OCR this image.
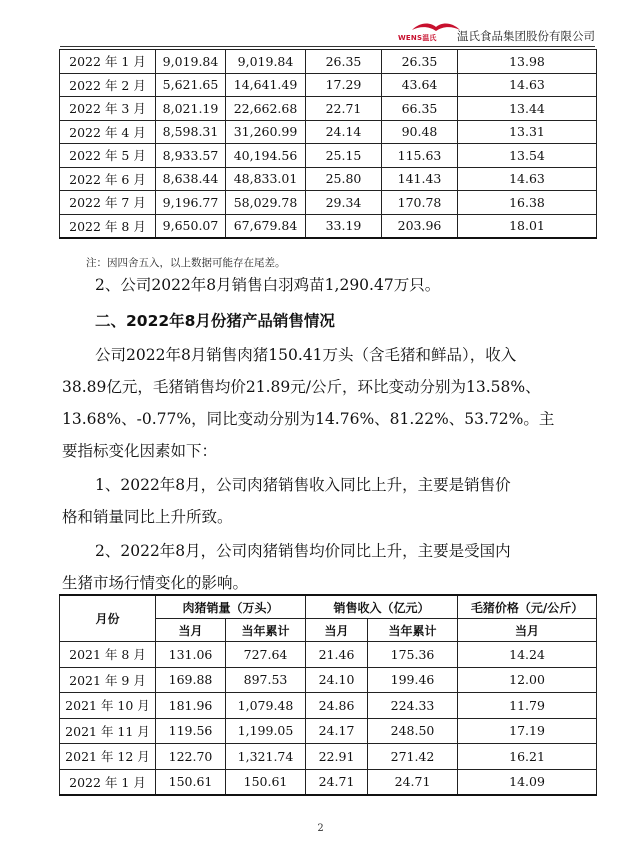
WENS温氏 温氏食品集团股份有限公司
2022 年 1 月	9,019.84	9,019.84	26.35	26.35	13.98
2022 年 2 月	5,621.65	14,641.49	17.29	43.64	14.63
2022 年 3 月	8,021.19	22,662.68	22.71	66.35	13.44
2022 年 4 月	8,598.31	31,260.99	24.14	90.48	13.31
2022 年 5 月	8,933.57	40,194.56	25.15	115.63	13.54
2022 年 6 月	8,638.44	48,833.01	25.80	141.43	14.63
2022 年 7 月	9,196.77	58,029.78	29.34	170.78	16.38
2022 年 8 月	9,650.07	67,679.84	33.19	203.96	18.01
注：因四舍五入，以上数据可能存在尾差。
2、公司2022年8月销售白羽鸡苗1,290.47万只。
二、2022年8月份猪产品销售情况
公司2022年8月销售肉猪150.41万头（含毛猪和鲜品），收入
38.89亿元，毛猪销售均价21.89元/公斤，环比变动分别为13.58%、
13.68%、-0.77%，同比变动分别为14.76%、81.22%、53.72%。主
要指标变化因素如下：
1、2022年8月，公司肉猪销售收入同比上升，主要是销售价
格和销量同比上升所致。
2、2022年8月，公司肉猪销售均价同比上升，主要是受国内
生猪市场行情变化的影响。
月份	肉猪销量（万头）		销售收入（亿元）		毛猪价格（元/公斤）
	当月	当年累计	当月	当年累计	当月
2021 年 8 月	131.06	727.64	21.46	175.36	14.24
2021 年 9 月	169.88	897.53	24.10	199.46	12.00
2021 年 10 月	181.96	1,079.48	24.86	224.33	11.79
2021 年 11 月	119.56	1,199.05	24.17	248.50	17.19
2021 年 12 月	122.70	1,321.74	22.91	271.42	16.21
2022 年 1 月	150.61	150.61	24.71	24.71	14.09
2
